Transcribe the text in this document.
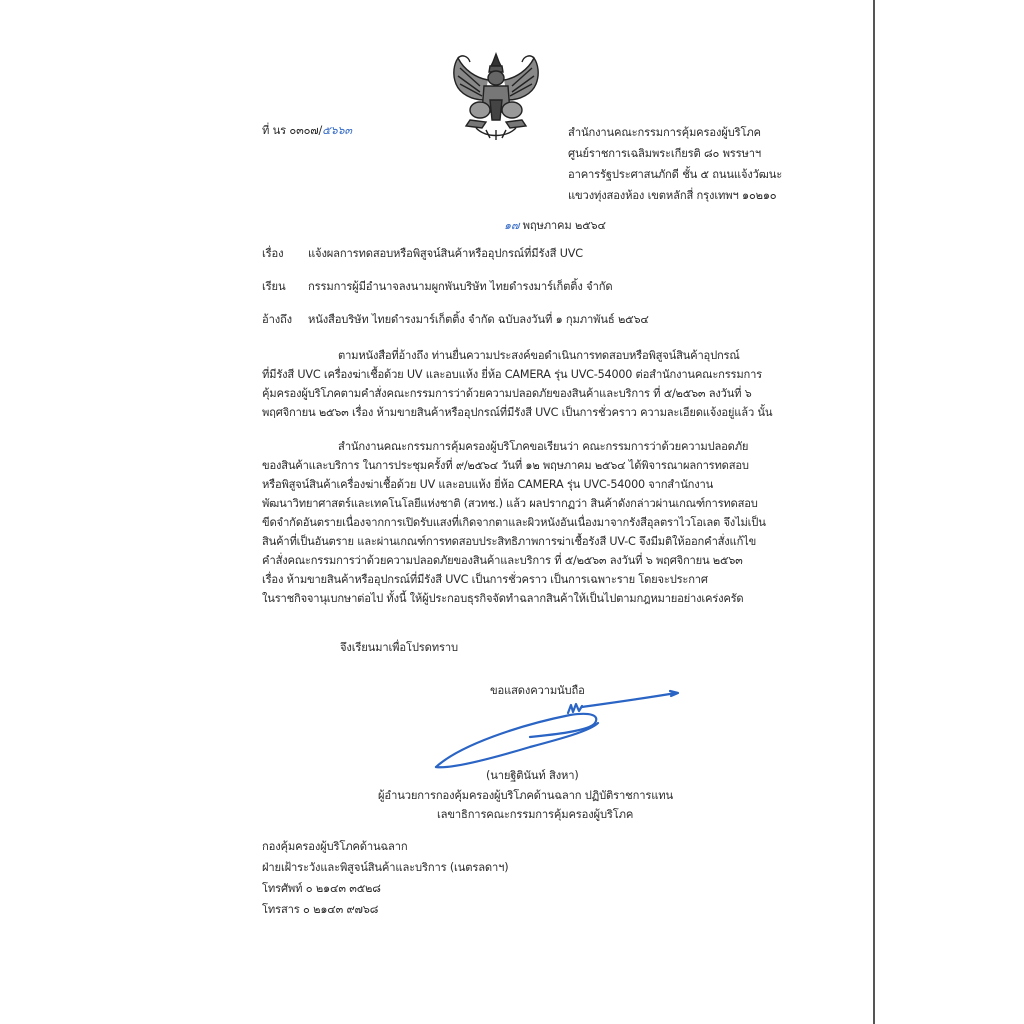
ที่ นร ๐๓๐๗/๕๖๖๓	สำนักงานคณะกรรมการคุ้มครองผู้บริโภค
ศูนย์ราชการเฉลิมพระเกียรติ ๘๐ พรรษาฯ
อาคารรัฐประศาสนภักดี ชั้น ๕ ถนนแจ้งวัฒนะ
แขวงทุ่งสองห้อง เขตหลักสี่ กรุงเทพฯ ๑๐๒๑๐
๑๗ พฤษภาคม ๒๕๖๔
เรื่อง แจ้งผลการทดสอบหรือพิสูจน์สินค้าหรืออุปกรณ์ที่มีรังสี UVC
เรียน กรรมการผู้มีอำนาจลงนามผูกพันบริษัท ไทยดำรงมาร์เก็ตติ้ง จำกัด
อ้างถึง หนังสือบริษัท ไทยดำรงมาร์เก็ตติ้ง จำกัด ฉบับลงวันที่ ๑ กุมภาพันธ์ ๒๕๖๔
ตามหนังสือที่อ้างถึง ท่านยื่นความประสงค์ขอดำเนินการทดสอบหรือพิสูจน์สินค้าอุปกรณ์
ที่มีรังสี UVC เครื่องฆ่าเชื้อด้วย UV และอบแห้ง ยี่ห้อ CAMERA รุ่น UVC-54000 ต่อสำนักงานคณะกรรมการ
คุ้มครองผู้บริโภคตามคำสั่งคณะกรรมการว่าด้วยความปลอดภัยของสินค้าและบริการ ที่ ๕/๒๕๖๓ ลงวันที่ ๖
พฤศจิกายน ๒๕๖๓ เรื่อง ห้ามขายสินค้าหรืออุปกรณ์ที่มีรังสี UVC เป็นการชั่วคราว ความละเอียดแจ้งอยู่แล้ว นั้น
สำนักงานคณะกรรมการคุ้มครองผู้บริโภคขอเรียนว่า คณะกรรมการว่าด้วยความปลอดภัย
ของสินค้าและบริการ ในการประชุมครั้งที่ ๙/๒๕๖๔ วันที่ ๑๒ พฤษภาคม ๒๕๖๔ ได้พิจารณาผลการทดสอบ
หรือพิสูจน์สินค้าเครื่องฆ่าเชื้อด้วย UV และอบแห้ง ยี่ห้อ CAMERA รุ่น UVC-54000 จากสำนักงาน
พัฒนาวิทยาศาสตร์และเทคโนโลยีแห่งชาติ (สวทช.) แล้ว ผลปรากฏว่า สินค้าดังกล่าวผ่านเกณฑ์การทดสอบ
ขีดจำกัดอันตรายเนื่องจากการเปิดรับแสงที่เกิดจากตาและผิวหนังอันเนื่องมาจากรังสีอุลตราไวโอเลต จึงไม่เป็น
สินค้าที่เป็นอันตราย และผ่านเกณฑ์การทดสอบประสิทธิภาพการฆ่าเชื้อรังสี UV-C จึงมีมติให้ออกคำสั่งแก้ไข
คำสั่งคณะกรรมการว่าด้วยความปลอดภัยของสินค้าและบริการ ที่ ๕/๒๕๖๓ ลงวันที่ ๖ พฤศจิกายน ๒๕๖๓
เรื่อง ห้ามขายสินค้าหรืออุปกรณ์ที่มีรังสี UVC เป็นการชั่วคราว เป็นการเฉพาะราย โดยจะประกาศ
ในราชกิจจานุเบกษาต่อไป ทั้งนี้ ให้ผู้ประกอบธุรกิจจัดทำฉลากสินค้าให้เป็นไปตามกฎหมายอย่างเคร่งครัด
จึงเรียนมาเพื่อโปรดทราบ
ขอแสดงความนับถือ
(นายฐิตินันท์ สิงหา)
ผู้อำนวยการกองคุ้มครองผู้บริโภคด้านฉลาก ปฏิบัติราชการแทน
เลขาธิการคณะกรรมการคุ้มครองผู้บริโภค
กองคุ้มครองผู้บริโภคด้านฉลาก
ฝ่ายเฝ้าระวังและพิสูจน์สินค้าและบริการ (เนตรลดาฯ)
โทรศัพท์ ๐ ๒๑๔๓ ๓๕๒๘
โทรสาร ๐ ๒๑๔๓ ๙๗๖๘
